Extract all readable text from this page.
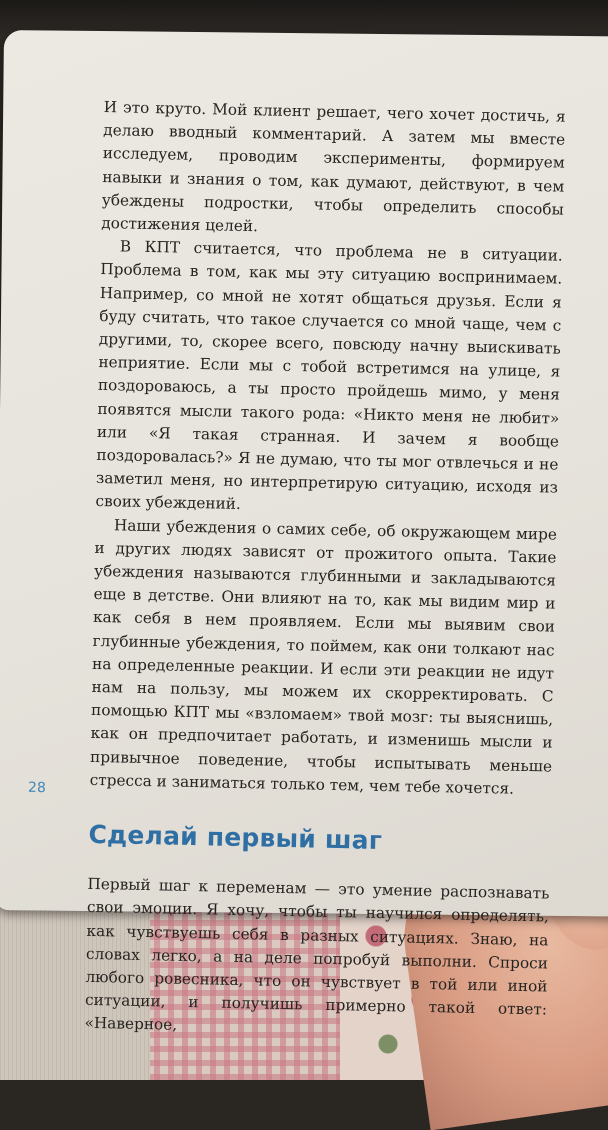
И это круто. Мой клиент решает, чего хочет достичь, я делаю вводный комментарий. А затем мы вместе исследуем, проводим эксперименты, формируем навыки и знания о том, как думают, действуют, в чем убеждены подростки, чтобы определить способы достижения целей.

В КПТ считается, что проблема не в ситуации. Проблема в том, как мы эту ситуацию воспринимаем. Например, со мной не хотят общаться друзья. Если я буду считать, что такое случается со мной чаще, чем с другими, то, скорее всего, повсюду начну выискивать неприятие. Если мы с тобой встретимся на улице, я поздороваюсь, а ты просто пройдешь мимо, у меня появятся мысли такого рода: «Никто меня не любит» или «Я такая странная. И зачем я вообще поздоровалась?» Я не думаю, что ты мог отвлечься и не заметил меня, но интерпретирую ситуацию, исходя из своих убеждений.

Наши убеждения о самих себе, об окружающем мире и других людях зависят от прожитого опыта. Такие убеждения называются глубинными и закладываются еще в детстве. Они влияют на то, как мы видим мир и как себя в нем проявляем. Если мы выявим свои глубинные убеждения, то поймем, как они толкают нас на определенные реакции. И если эти реакции не идут нам на пользу, мы можем их скорректировать. С помощью КПТ мы «взломаем» твой мозг: ты выяснишь, как он предпочитает работать, и изменишь мысли и привычное поведение, чтобы испытывать меньше стресса и заниматься только тем, чем тебе хочется.

Сделай первый шаг

Первый шаг к переменам — это умение распознавать свои эмоции. Я хочу, чтобы ты научился определять, как чувствуешь себя в разных ситуациях. Знаю, на словах легко, а на деле попробуй выполни. Спроси любого ровесника, что он чувствует в той или иной ситуации, и получишь примерно такой ответ: «Наверное,

28
